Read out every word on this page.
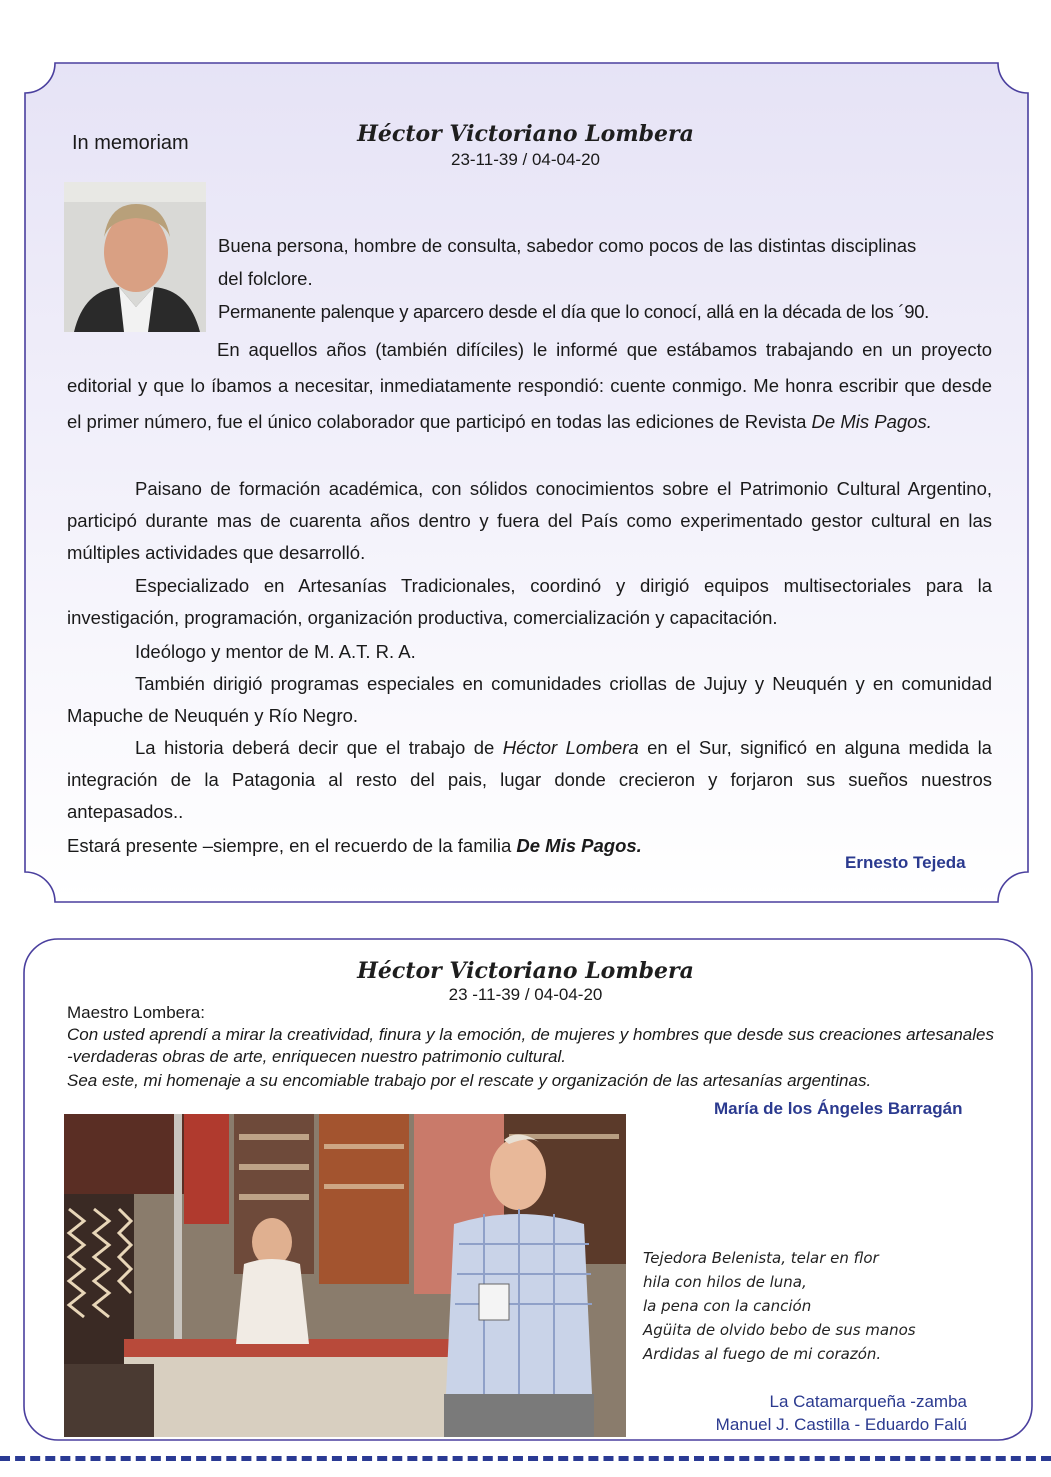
In memoriam	Héctor Victoriano Lombera
23-11-39 / 04-04-20
Buena persona, hombre de consulta, sabedor como pocos de las distintas disciplinas
del folclore.
Permanente palenque y aparcero desde el día que lo conocí, allá en la década de los ´90.

En aquellos años (también difíciles) le informé que estábamos trabajando en un proyecto editorial y que lo íbamos a necesitar, inmediatamente respondió: cuente conmigo. Me honra escribir que desde el primer número, fue el único colaborador que participó en todas las ediciones de Revista De Mis Pagos.

Paisano de formación académica, con sólidos conocimientos sobre el Patrimonio Cultural Argentino, participó durante mas de cuarenta años dentro y fuera del País como experimentado gestor cultural en las múltiples actividades que desarrolló.

Especializado en Artesanías Tradicionales, coordinó y dirigió equipos multisectoriales para la investigación, programación, organización productiva, comercialización y capacitación.

Ideólogo y mentor de M. A.T. R. A.

También dirigió programas especiales en comunidades criollas de Jujuy y Neuquén y en comunidad Mapuche de Neuquén y Río Negro.

La historia deberá decir que el trabajo de Héctor Lombera en el Sur, significó en alguna medida la integración de la Patagonia al resto del pais, lugar donde crecieron y forjaron sus sueños nuestros antepasados..

Estará presente –siempre, en el recuerdo de la familia De Mis Pagos.

Ernesto Tejeda
Héctor Victoriano Lombera
23 -11-39 / 04-04-20
Maestro Lombera:
Con usted aprendí a mirar la creatividad, finura y la emoción, de mujeres y hombres que desde sus creaciones artesanales -verdaderas obras de arte, enriquecen nuestro patrimonio cultural.
Sea este, mi homenaje a su encomiable trabajo por el rescate y organización de las artesanías argentinas.
María de los Ángeles Barragán
Tejedora Belenista, telar en flor
hila con hilos de luna,
la pena con la canción
Agüita de olvido bebo de sus manos
Ardidas al fuego de mi corazón.
La Catamarqueña -zamba
Manuel J. Castilla - Eduardo Falú
